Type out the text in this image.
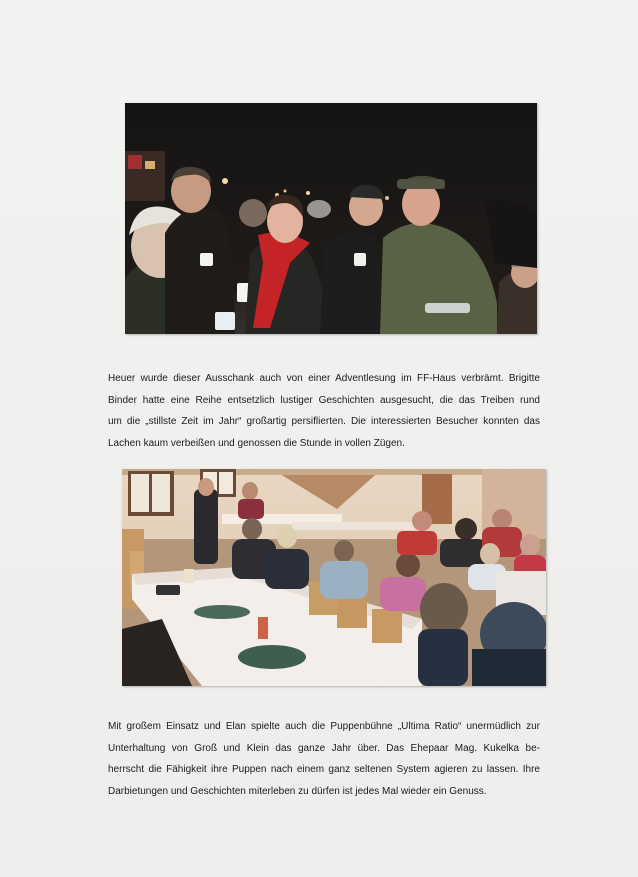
Heuer wurde dieser Ausschank auch von einer Adventlesung im FF-Haus verbrämt. Brigitte
Binder hatte eine Reihe entsetzlich lustiger Geschichten ausgesucht, die das Treiben rund
um die „stillste Zeit im Jahr“ großartig persiflierten. Die interessierten Besucher konnten das
Lachen kaum verbeißen und genossen die Stunde in vollen Zügen.
Mit großem Einsatz und Elan spielte auch die Puppenbühne „Ultima Ratio“ unermüdlich zur
Unterhaltung von Groß und Klein das ganze Jahr über. Das Ehepaar Mag. Kukelka be-
herrscht die Fähigkeit ihre Puppen nach einem ganz seltenen System agieren zu lassen. Ihre
Darbietungen und Geschichten miterleben zu dürfen ist jedes Mal wieder ein Genuss.
